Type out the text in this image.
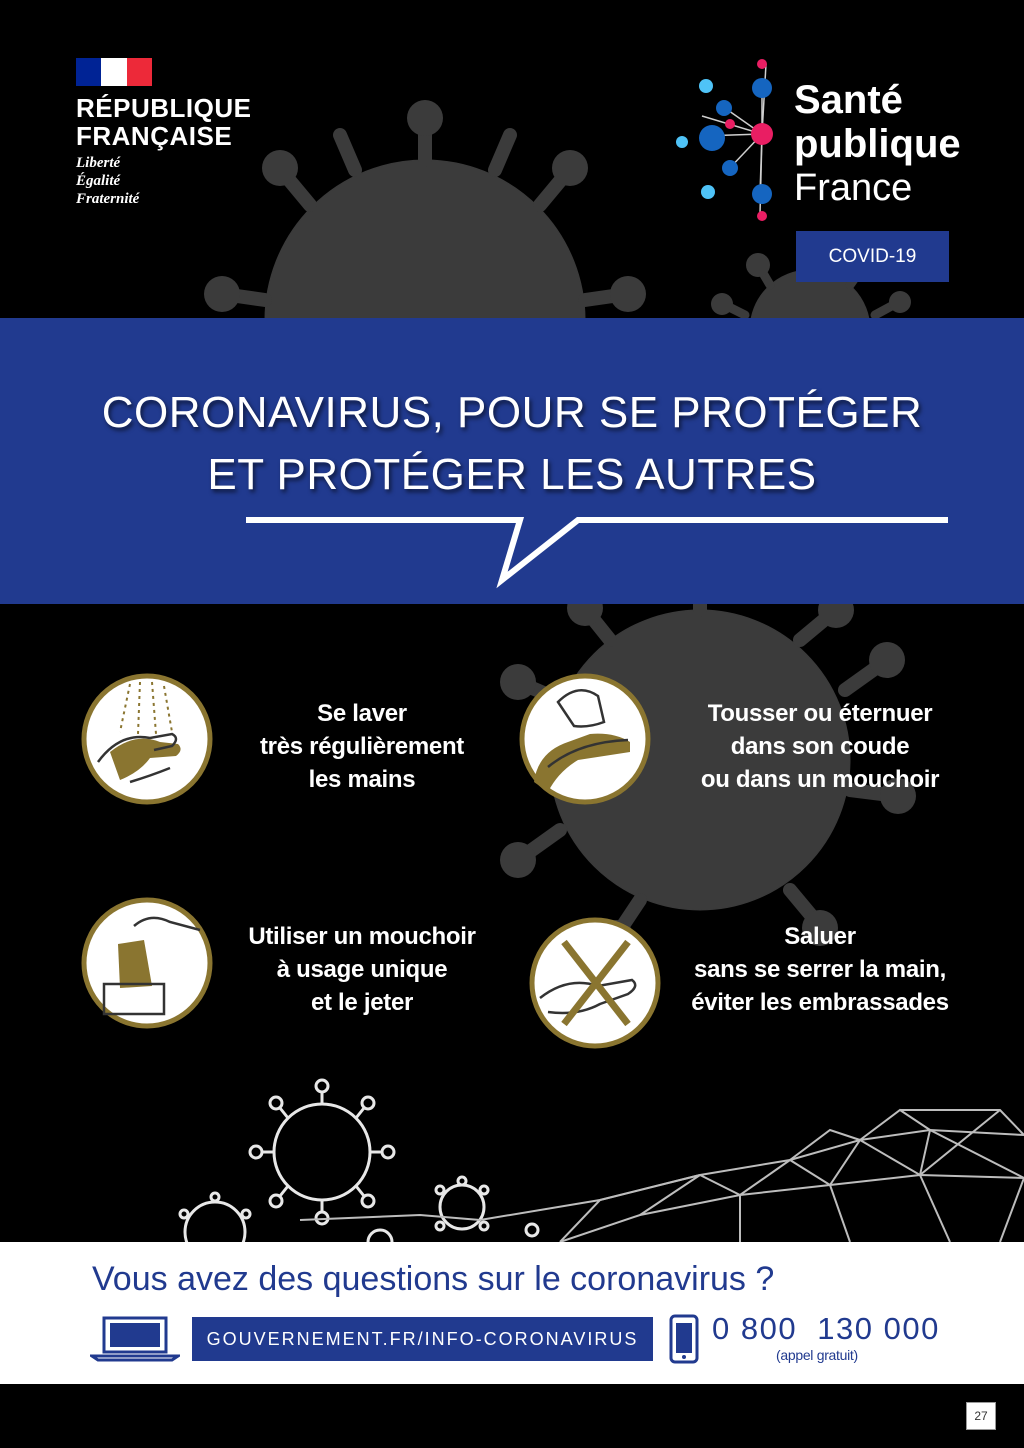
RÉPUBLIQUE
FRANÇAISE
Liberté
Égalité
Fraternité
Santé
publique
France
COVID-19
CORONAVIRUS, POUR SE PROTÉGER
ET PROTÉGER LES AUTRES
Se laver
très régulièrement
les mains
Tousser ou éternuer
dans son coude
ou dans un mouchoir
Utiliser un mouchoir
à usage unique
et le jeter
Saluer
sans se serrer la main,
éviter les embrassades
Vous avez des questions sur le coronavirus ?
GOUVERNEMENT.FR/INFO-CORONAVIRUS	0 800  130 000
(appel gratuit)
27
